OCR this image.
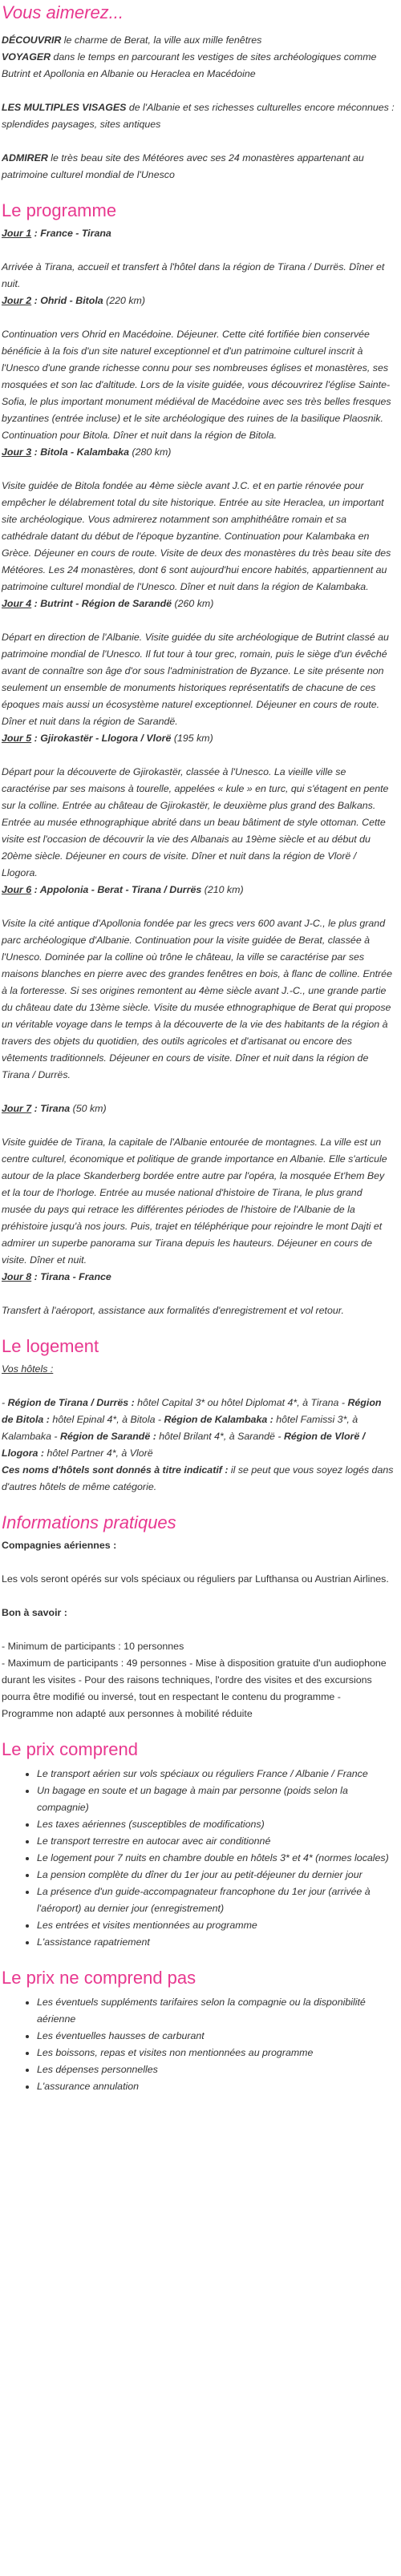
Vous aimerez...

DÉCOUVRIR le charme de Berat, la ville aux mille fenêtres
VOYAGER dans le temps en parcourant les vestiges de sites archéologiques comme Butrint et Apollonia en Albanie ou Heraclea en Macédoine

LES MULTIPLES VISAGES de l'Albanie et ses richesses culturelles encore méconnues : splendides paysages, sites antiques

ADMIRER le très beau site des Météores avec ses 24 monastères appartenant au patrimoine culturel mondial de l'Unesco

Le programme

Jour 1 : France - Tirana

Arrivée à Tirana, accueil et transfert à l'hôtel dans la région de Tirana / Durrës. Dîner et nuit.

Jour 2 : Ohrid - Bitola (220 km)

Continuation vers Ohrid en Macédoine. Déjeuner. Cette cité fortifiée bien conservée bénéficie à la fois d'un site naturel exceptionnel et d'un patrimoine culturel inscrit à l'Unesco d'une grande richesse connu pour ses nombreuses églises et monastères, ses mosquées et son lac d'altitude. Lors de la visite guidée, vous découvrirez l'église Sainte-Sofia, le plus important monument médiéval de Macédoine avec ses très belles fresques byzantines (entrée incluse) et le site archéologique des ruines de la basilique Plaosnik. Continuation pour Bitola. Dîner et nuit dans la région de Bitola.

Jour 3 : Bitola - Kalambaka (280 km)

Visite guidée de Bitola fondée au 4ème siècle avant J.C. et en partie rénovée pour empêcher le délabrement total du site historique. Entrée au site Heraclea, un important site archéologique. Vous admirerez notamment son amphithéâtre romain et sa cathédrale datant du début de l'époque byzantine. Continuation pour Kalambaka en Grèce. Déjeuner en cours de route. Visite de deux des monastères du très beau site des Météores. Les 24 monastères, dont 6 sont aujourd'hui encore habités, appartiennent au patrimoine culturel mondial de l'Unesco. Dîner et nuit dans la région de Kalambaka.

Jour 4 : Butrint - Région de Sarandë (260 km)

Départ en direction de l'Albanie. Visite guidée du site archéologique de Butrint classé au patrimoine mondial de l'Unesco. Il fut tour à tour grec, romain, puis le siège d'un évêché avant de connaître son âge d'or sous l'administration de Byzance. Le site présente non seulement un ensemble de monuments historiques représentatifs de chacune de ces époques mais aussi un écosystème naturel exceptionnel. Déjeuner en cours de route. Dîner et nuit dans la région de Sarandë.

Jour 5 : Gjirokastër - Llogora / Vlorë (195 km)

Départ pour la découverte de Gjirokastër, classée à l'Unesco. La vieille ville se caractérise par ses maisons à tourelle, appelées « kule » en turc, qui s'étagent en pente sur la colline. Entrée au château de Gjirokastër, le deuxième plus grand des Balkans. Entrée au musée ethnographique abrité dans un beau bâtiment de style ottoman. Cette visite est l'occasion de découvrir la vie des Albanais au 19ème siècle et au début du 20ème siècle. Déjeuner en cours de visite. Dîner et nuit dans la région de Vlorë / Llogora.

Jour 6 : Appolonia - Berat - Tirana / Durrës (210 km)

Visite la cité antique d'Apollonia fondée par les grecs vers 600 avant J-C., le plus grand parc archéologique d'Albanie. Continuation pour la visite guidée de Berat, classée à l'Unesco. Dominée par la colline où trône le château, la ville se caractérise par ses maisons blanches en pierre avec des grandes fenêtres en bois, à flanc de colline. Entrée à la forteresse. Si ses origines remontent au 4ème siècle avant J.-C., une grande partie du château date du 13ème siècle. Visite du musée ethnographique de Berat qui propose un véritable voyage dans le temps à la découverte de la vie des habitants de la région à travers des objets du quotidien, des outils agricoles et d'artisanat ou encore des vêtements traditionnels. Déjeuner en cours de visite. Dîner et nuit dans la région de Tirana / Durrës.

Jour 7 : Tirana (50 km)

Visite guidée de Tirana, la capitale de l'Albanie entourée de montagnes. La ville est un centre culturel, économique et politique de grande importance en Albanie. Elle s'articule autour de la place Skanderberg bordée entre autre par l'opéra, la mosquée Et'hem Bey et la tour de l'horloge. Entrée au musée national d'histoire de Tirana, le plus grand musée du pays qui retrace les différentes périodes de l'histoire de l'Albanie de la préhistoire jusqu'à nos jours. Puis, trajet en téléphérique pour rejoindre le mont Dajti et admirer un superbe panorama sur Tirana depuis les hauteurs. Déjeuner en cours de visite. Dîner et nuit.

Jour 8 : Tirana - France

Transfert à l'aéroport, assistance aux formalités d'enregistrement et vol retour.

Le logement

Vos hôtels :

- Région de Tirana / Durrës : hôtel Capital 3* ou hôtel Diplomat 4*, à Tirana - Région de Bitola : hôtel Epinal 4*, à Bitola - Région de Kalambaka : hôtel Famissi 3*, à Kalambaka - Région de Sarandë : hôtel Brilant 4*, à Sarandë - Région de Vlorë / Llogora : hôtel Partner 4*, à Vlorë
Ces noms d'hôtels sont donnés à titre indicatif : il se peut que vous soyez logés dans d'autres hôtels de même catégorie.

Informations pratiques

Compagnies aériennes :

Les vols seront opérés sur vols spéciaux ou réguliers par Lufthansa ou Austrian Airlines.

Bon à savoir :

- Minimum de participants : 10 personnes

- Maximum de participants : 49 personnes - Mise à disposition gratuite d'un audiophone durant les visites - Pour des raisons techniques, l'ordre des visites et des excursions pourra être modifié ou inversé, tout en respectant le contenu du programme - Programme non adapté aux personnes à mobilité réduite

Le prix comprend
• Le transport aérien sur vols spéciaux ou réguliers France / Albanie / France
• Un bagage en soute et un bagage à main par personne (poids selon la compagnie)
• Les taxes aériennes (susceptibles de modifications)
• Le transport terrestre en autocar avec air conditionné
• Le logement pour 7 nuits en chambre double en hôtels 3* et 4* (normes locales)
• La pension complète du dîner du 1er jour au petit-déjeuner du dernier jour
• La présence d'un guide-accompagnateur francophone du 1er jour (arrivée à l'aéroport) au dernier jour (enregistrement)
• Les entrées et visites mentionnées au programme
• L'assistance rapatriement
Le prix ne comprend pas
• Les éventuels suppléments tarifaires selon la compagnie ou la disponibilité aérienne
• Les éventuelles hausses de carburant
• Les boissons, repas et visites non mentionnées au programme
• Les dépenses personnelles
• L'assurance annulation
